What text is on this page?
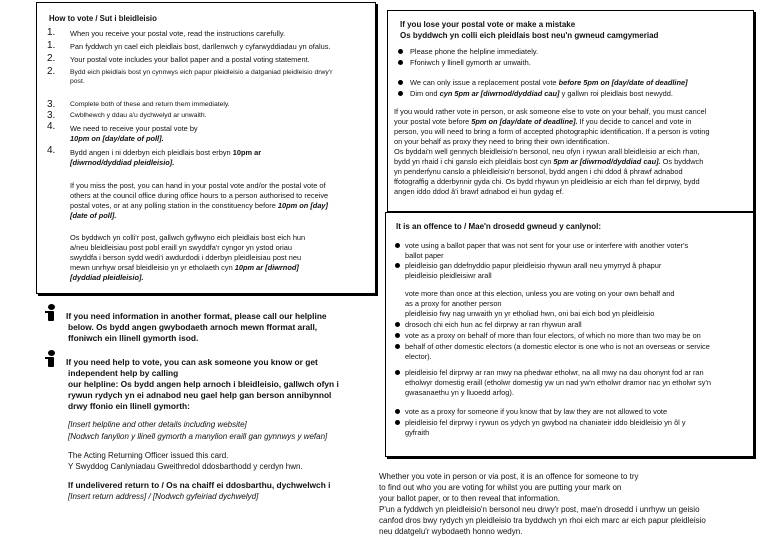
How to vote / Sut i bleidleisio

1. When you receive your postal vote, read the instructions carefully.

1. Pan fyddwch yn cael eich pleidlais bost, darllenwch y cyfarwyddiadau yn ofalus.

2. Your postal vote includes your ballot paper and a postal voting statement.

2. Bydd eich pleidlais bost yn cynnwys eich papur pleidleisio a datganiad pleidleisio drwy'r

post.

3. Complete both of these and return them immediately.

3. Cwblhewch y ddau a'u dychwelyd ar unwaith.

4. We need to receive your postal vote by

10pm on [day/date of poll].

4. Bydd angen i ni dderbyn eich pleidlais bost erbyn 10pm ar

[diwrnod/dyddiad pleidleisio].

If you miss the post, you can hand in your postal vote and/or the postal vote of

others at the council office during office hours to a person authorised to receive

postal votes, or at any polling station in the constituency before 10pm on [day]

[date of poll].

Os byddwch yn colli'r post, gallwch gyflwyno eich pleidlais bost eich hun

a/neu bleidleisiau post pobl eraill yn swyddfa'r cyngor yn ystod oriau

swyddfa i berson sydd wedi'i awdurdodi i dderbyn pleidleisiau post neu

mewn unrhyw orsaf bleidleisio yn yr etholaeth cyn 10pm ar [diwrnod]

[dyddiad pleidleisio].

If you need information in another format, please call our helpline

below. Os bydd angen gwybodaeth arnoch mewn fformat arall,

ffoniwch ein llinell gymorth isod.

If you need help to vote, you can ask someone you know or get

independent help by calling

our helpline: Os bydd angen help arnoch i bleidleisio, gallwch ofyn i

rywun rydych yn ei adnabod neu gael help gan berson annibynnol

drwy ffonio ein llinell gymorth:

[Insert helpline and other details including website]

[Nodwch fanylion y llinell gymorth a manylion eraill gan gynnwys y wefan]

The Acting Returning Officer issued this card.

Y Swyddog Canlyniadau Gweithredol ddosbarthodd y cerdyn hwn.

If undelivered return to / Os na chaiff ei ddosbarthu, dychwelwch i

[Insert return address] / [Nodwch gyfeiriad dychwelyd]

If you lose your postal vote or make a mistake

Os byddwch yn colli eich pleidlais bost neu'n gwneud camgymeriad

Please phone the helpline immediately.

Ffoniwch y llinell gymorth ar unwaith.

We can only issue a replacement postal vote before 5pm on [day/date of deadline]

Dim ond cyn 5pm ar [diwrnod/dyddiad cau] y gallwn roi pleidlais bost newydd.

If you would rather vote in person, or ask someone else to vote on your behalf, you must cancel

your postal vote before 5pm on [day/date of deadline]. If you decide to cancel and vote in

person, you will need to bring a form of accepted photographic identification. If a person is voting

on your behalf as proxy they need to bring their own identification.

Os byddai'n well gennych bleidleisio'n bersonol, neu ofyn i rywun arall bleidleisio ar eich rhan,

bydd yn rhaid i chi ganslo eich pleidlais bost cyn 5pm ar [diwrnod/dyddiad cau]. Os byddwch

yn penderfynu canslo a phleidleisio'n bersonol, bydd angen i chi ddod â phrawf adnabod

ffotograffig a dderbynnir gyda chi. Os bydd rhywun yn pleidleisio ar eich rhan fel dirprwy, bydd

angen iddo ddod â'i brawf adnabod ei hun gydag ef.

It is an offence to / Mae'n drosedd gwneud y canlynol:

vote using a ballot paper that was not sent for your use or interfere with another voter's

ballot paper

pleidleisio gan ddefnyddio papur pleidleisio rhywun arall neu ymyrryd â phapur

pleidleisio pleidleisiwr arall

vote more than once at this election, unless you are voting on your own behalf and

as a proxy for another person

pleidleisio fwy nag unwaith yn yr etholiad hwn, oni bai eich bod yn pleidleisio

drosoch chi eich hun ac fel dirprwy ar ran rhywun arall

vote as a proxy on behalf of more than four electors, of which no more than two may be on

behalf of other domestic electors (a domestic elector is one who is not an overseas or service

elector).

pleidleisio fel dirprwy ar ran mwy na phedwar etholwr, na all mwy na dau ohonynt fod ar ran

etholwyr domestig eraill (etholwr domestig yw un nad yw'n etholwr dramor nac yn etholwr sy'n

gwasanaethu yn y lluoedd arfog).

vote as a proxy for someone if you know that by law they are not allowed to vote

pleidleisio fel dirprwy i rywun os ydych yn gwybod na chaniateir iddo bleidleisio yn ôl y

gyfraith

Whether you vote in person or via post, it is an offence for someone to try

to find out who you are voting for whilst you are putting your mark on

your ballot paper, or to then reveal that information.

P'un a fyddwch yn pleidleisio'n bersonol neu drwy'r post, mae'n drosedd i unrhyw un geisio

canfod dros bwy rydych yn pleidleisio tra byddwch yn rhoi eich marc ar eich papur pleidleisio

neu ddatgelu'r wybodaeth honno wedyn.
